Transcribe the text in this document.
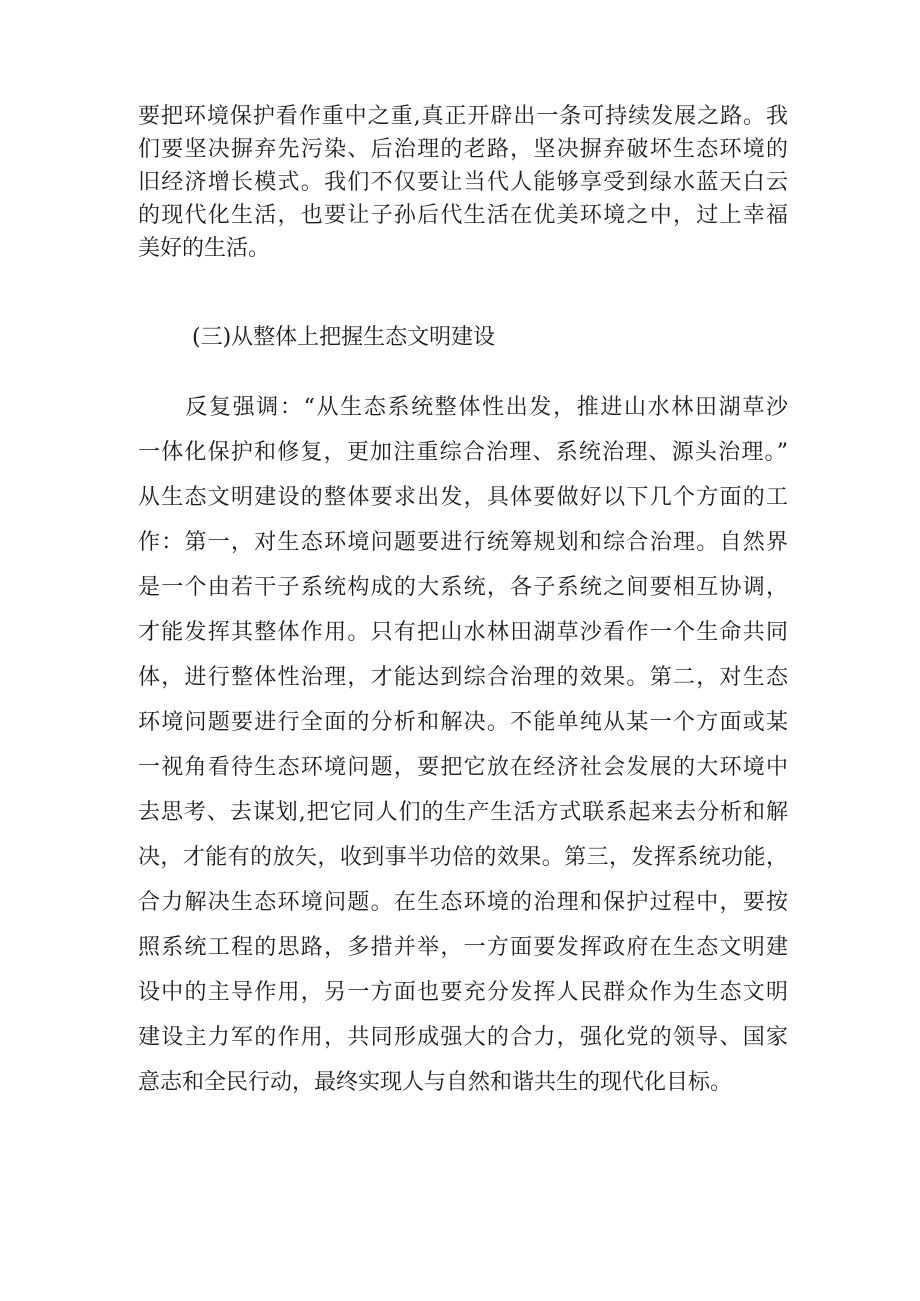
要把环境保护看作重中之重,真正开辟出一条可持续发展之路。我
们要坚决摒弃先污染、后治理的老路，坚决摒弃破坏生态环境的
旧经济增长模式。我们不仅要让当代人能够享受到绿水蓝天白云
的现代化生活，也要让子孙后代生活在优美环境之中，过上幸福
美好的生活。
(三)从整体上把握生态文明建设
　　反复强调：“从生态系统整体性出发，推进山水林田湖草沙
一体化保护和修复，更加注重综合治理、系统治理、源头治理。”
从生态文明建设的整体要求出发，具体要做好以下几个方面的工
作：第一，对生态环境问题要进行统筹规划和综合治理。自然界
是一个由若干子系统构成的大系统，各子系统之间要相互协调，
才能发挥其整体作用。只有把山水林田湖草沙看作一个生命共同
体，进行整体性治理，才能达到综合治理的效果。第二，对生态
环境问题要进行全面的分析和解决。不能单纯从某一个方面或某
一视角看待生态环境问题，要把它放在经济社会发展的大环境中
去思考、去谋划,把它同人们的生产生活方式联系起来去分析和解
决，才能有的放矢，收到事半功倍的效果。第三，发挥系统功能，
合力解决生态环境问题。在生态环境的治理和保护过程中，要按
照系统工程的思路，多措并举，一方面要发挥政府在生态文明建
设中的主导作用，另一方面也要充分发挥人民群众作为生态文明
建设主力军的作用，共同形成强大的合力，强化党的领导、国家
意志和全民行动，最终实现人与自然和谐共生的现代化目标。
